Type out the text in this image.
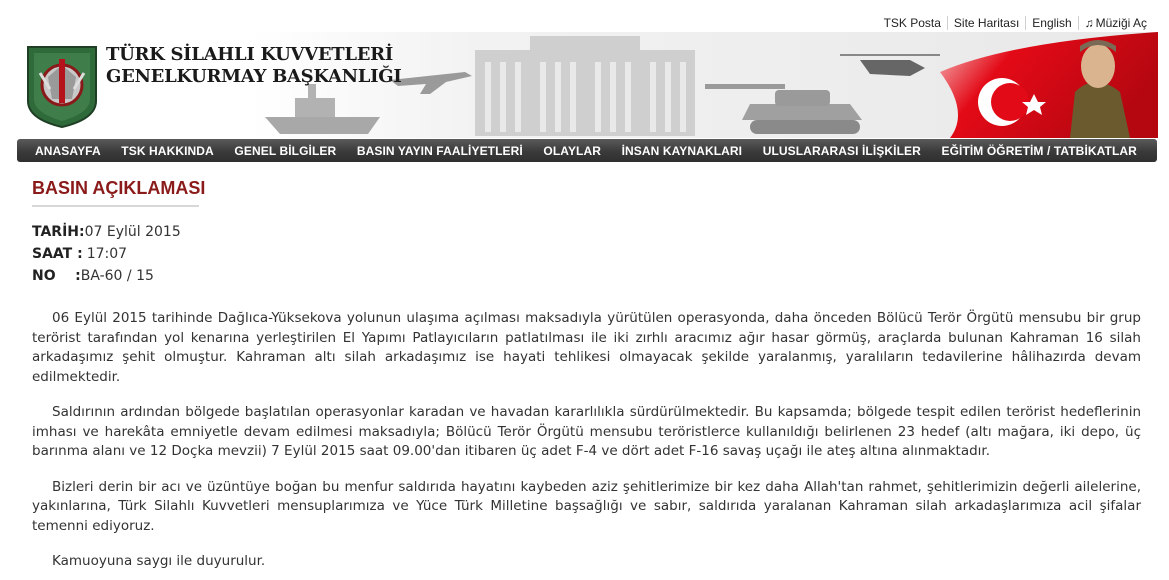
TÜRK SİLAHLI KUVVETLERİ
GENELKURMAY BAŞKANLIĞI
TSK Posta	Site Haritası	English	♫ Müziği Aç
ANASAYFA TSK HAKKINDA GENEL BİLGİLER BASIN YAYIN FAALİYETLERİ OLAYLAR İNSAN KAYNAKLARI ULUSLARARASI İLİŞKİLER EĞİTİM ÖĞRETİM / TATBİKATLAR
BASIN AÇIKLAMASI
TARİH: 07 Eylül 2015
SAAT : 17:07
NO    : BA-60 / 15

06 Eylül 2015 tarihinde Dağlıca-Yüksekova yolunun ulaşıma açılması maksadıyla yürütülen operasyonda, daha önceden Bölücü Terör Örgütü mensubu bir grup terörist tarafından yol kenarına yerleştirilen El Yapımı Patlayıcıların patlatılması ile iki zırhlı aracımız ağır hasar görmüş, araçlarda bulunan Kahraman 16 silah arkadaşımız şehit olmuştur. Kahraman altı silah arkadaşımız ise hayati tehlikesi olmayacak şekilde yaralanmış, yaralıların tedavilerine hâlihazırda devam edilmektedir.

Saldırının ardından bölgede başlatılan operasyonlar karadan ve havadan kararlılıkla sürdürülmektedir. Bu kapsamda; bölgede tespit edilen terörist hedeflerinin imhası ve harekâta emniyetle devam edilmesi maksadıyla; Bölücü Terör Örgütü mensubu teröristlerce kullanıldığı belirlenen 23 hedef (altı mağara, iki depo, üç barınma alanı ve 12 Doçka mevzii) 7 Eylül 2015 saat 09.00'dan itibaren üç adet F-4 ve dört adet F-16 savaş uçağı ile ateş altına alınmaktadır.

Bizleri derin bir acı ve üzüntüye boğan bu menfur saldırıda hayatını kaybeden aziz şehitlerimize bir kez daha Allah'tan rahmet, şehitlerimizin değerli ailelerine, yakınlarına, Türk Silahlı Kuvvetleri mensuplarımıza ve Yüce Türk Milletine başsağlığı ve sabır, saldırıda yaralanan Kahraman silah arkadaşlarımıza acil şifalar temenni ediyoruz.

Kamuoyuna saygı ile duyurulur.
